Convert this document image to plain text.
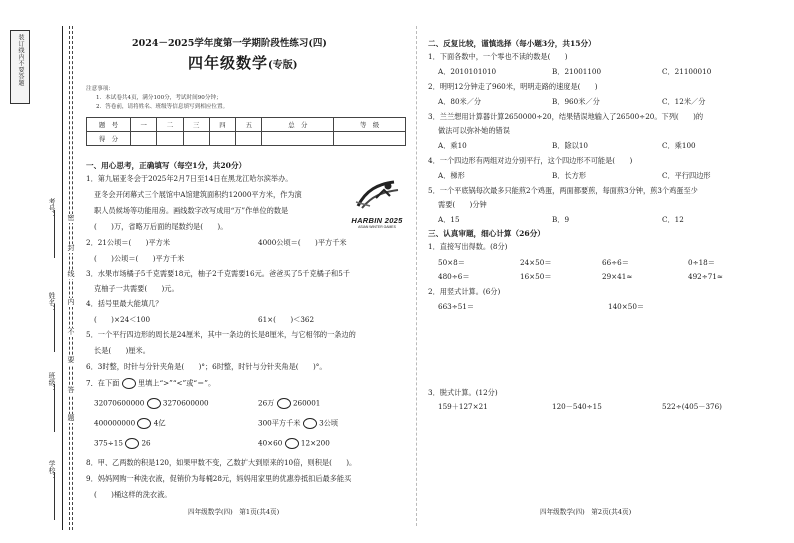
装订线内不要答题
考号：
姓名：
班级：
学校：
密
封
线
内
不
要
答
题
2024－2025学年度第一学期阶段性练习(四)
四年级数学(专版)
注意事项：
1．本试卷共4页，满分100分，考试时间90分钟；
2．答卷前，请将姓名、班级等信息填写到相应位置。
题　号	一	二	三	四	五	总　分	等　级
得　分							
一、用心思考，正确填写（每空1分，共20分）
1．第九届亚冬会于2025年2月7日至14日在黑龙江哈尔滨举办。
亚冬会开闭幕式三个展馆中A馆建筑面积约12000平方米，作为演
职人员候场等功能用房。画线数字改写成用“万”作单位的数是
(　　)万，省略万后面的尾数约是(　　)。
HARBIN 2025
ASIAN WINTER GAMES
2．21公顷＝(　　)平方米	4000公顷＝(　　)平方千米
(　　)公顷＝(　　)平方千米
3．水果市场橘子5千克需要18元，柚子2千克需要16元。爸爸买了5千克橘子和5千
克柚子一共需要(　　)元。
4．括号里最大能填几？
(　　)×24＜100	61×(　　)＜362
5．一个平行四边形的周长是24厘米，其中一条边的长是8厘米，与它相邻的一条边的
长是(　　)厘米。
6．3时整，时针与分针夹角是(　　)°；6时整，时针与分针夹角是(　　)°。
7．在下面	里填上“>”“<”或“＝”。
32070600000	3270600000	26万	260001
400000000	4亿	300平方千米	3公顷
375÷15	26	40×60	12×200
8．甲、乙两数的积是120，如果甲数不变，乙数扩大到原来的10倍，则积是(　　)。
9．妈妈网购一种洗衣液，促销价为每桶28元，妈妈用家里的优惠券抵扣后最多能买
(　　)桶这样的洗衣液。
四年级数学(四)　第1页(共4页)
二、反复比较，谨慎选择（每小题3分，共15分）
1．下面各数中，一个零也不读的数是(　　)
A．2010101010	B．21001100	C．21100010
2．明明12分钟走了960米，明明走路的速度是(　　)
A．80米／分	B．960米／分	C．12米／分
3．兰兰想用计算器计算2650000÷20，结果错误地输入了26500÷20。下列(　　)的
做法可以弥补她的错误
A．乘10	B．除以10	C．乘100
4．一个四边形有两组对边分别平行，这个四边形不可能是(　　)
A．梯形	B．长方形	C．平行四边形
5．一个平底锅每次最多只能煎2个鸡蛋，两面都要煎，每面煎3分钟，煎3个鸡蛋至少
需要(　　)分钟
A．15	B．9	C．12
三、认真审题，细心计算（26分）
1．直接写出得数。(8分)
50×8＝	24×50＝	66÷6＝	0÷18＝
480÷6＝	16×50＝	29×41≈	492÷71≈
2．用竖式计算。(6分)
663÷51＝	140×50＝
3．脱式计算。(12分)
159＋127×21	120－540÷15	522÷(405－376)
四年级数学(四)　第2页(共4页)
